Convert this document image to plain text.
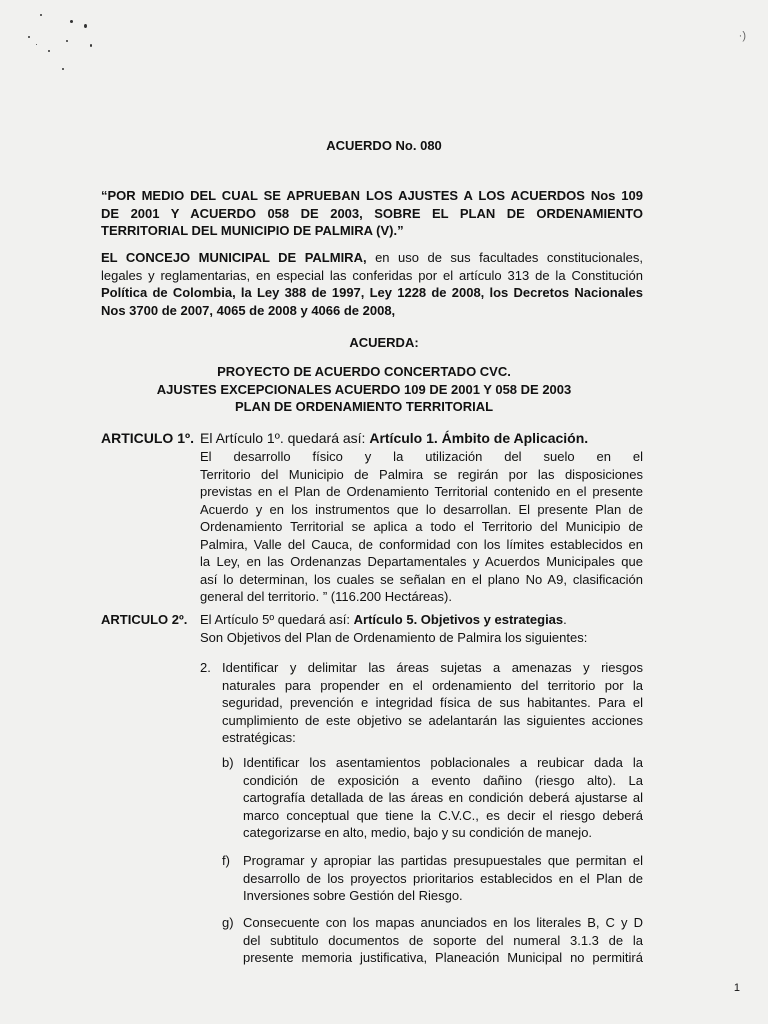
·)
ACUERDO No. 080
“POR MEDIO DEL CUAL SE APRUEBAN LOS AJUSTES A LOS ACUERDOS Nos 109
DE 2001 Y ACUERDO 058 DE 2003, SOBRE EL PLAN DE ORDENAMIENTO
TERRITORIAL DEL MUNICIPIO DE PALMIRA (V).”
EL CONCEJO MUNICIPAL DE PALMIRA, en uso de sus facultades constitucionales,
legales y reglamentarias, en especial las conferidas por el artículo 313 de la Constitución
Política de Colombia, la Ley 388 de 1997, Ley 1228 de 2008, los Decretos Nacionales
Nos 3700 de 2007, 4065 de 2008 y 4066 de 2008,
ACUERDA:
PROYECTO DE ACUERDO CONCERTADO CVC.
AJUSTES EXCEPCIONALES ACUERDO 109 DE 2001 Y 058 DE 2003
PLAN DE ORDENAMIENTO TERRITORIAL
ARTICULO 1º. El Artículo 1º. quedará así: Artículo 1. Ámbito de Aplicación.
El desarrollo físico y la utilización del suelo en el
Territorio del Municipio de Palmira se regirán por las disposiciones
previstas en el Plan de Ordenamiento Territorial contenido en el presente
Acuerdo y en los instrumentos que lo desarrollan. El presente Plan de
Ordenamiento Territorial se aplica a todo el Territorio del Municipio de
Palmira, Valle del Cauca, de conformidad con los límites establecidos en
la Ley, en las Ordenanzas Departamentales y Acuerdos Municipales que
así lo determinan, los cuales se señalan en el plano No A9, clasificación
general del territorio. ” (116.200 Hectáreas).
ARTICULO 2º. El Artículo 5º quedará así: Artículo 5. Objetivos y estrategias.
Son Objetivos del Plan de Ordenamiento de Palmira los siguientes:
2. Identificar y delimitar las áreas sujetas a amenazas y riesgos
naturales para propender en el ordenamiento del territorio por la
seguridad, prevención e integridad física de sus habitantes. Para el
cumplimiento de este objetivo se adelantarán las siguientes acciones
estratégicas:
b) Identificar los asentamientos poblacionales a reubicar dada la
condición de exposición a evento dañino (riesgo alto). La
cartografía detallada de las áreas en condición deberá ajustarse al
marco conceptual que tiene la C.V.C., es decir el riesgo deberá
categorizarse en alto, medio, bajo y su condición de manejo.
f) Programar y apropiar las partidas presupuestales que permitan el
desarrollo de los proyectos prioritarios establecidos en el Plan de
Inversiones sobre Gestión del Riesgo.
g) Consecuente con los mapas anunciados en los literales B, C y D
del subtitulo documentos de soporte del numeral 3.1.3 de la
presente memoria justificativa, Planeación Municipal no permitirá
1
